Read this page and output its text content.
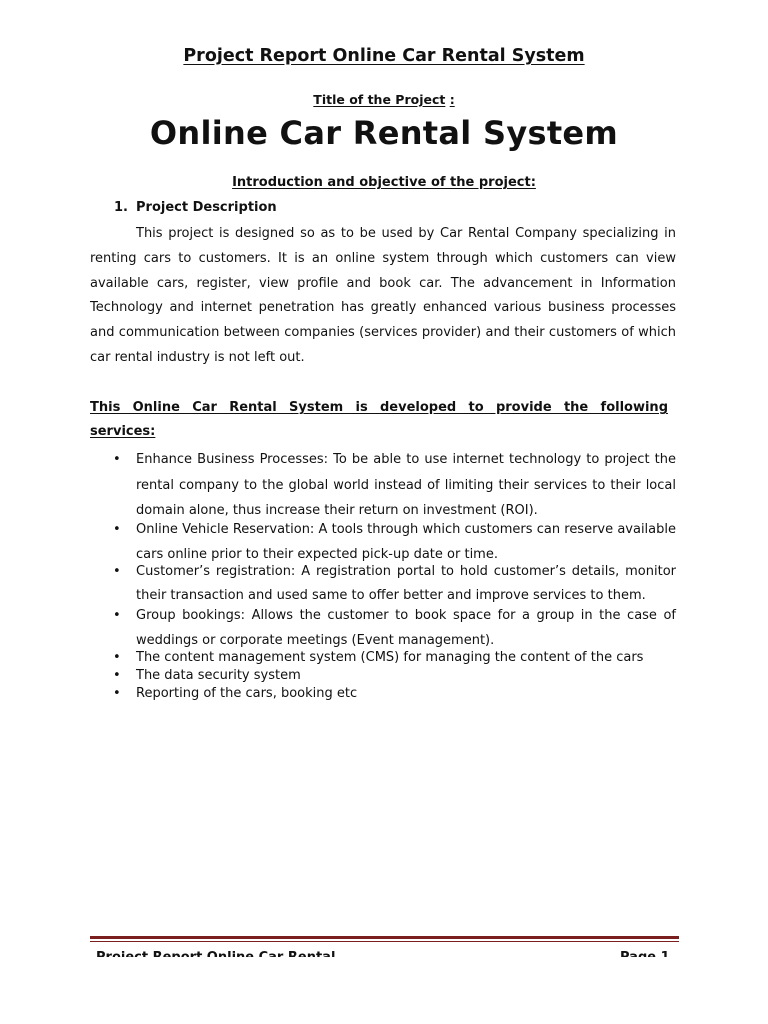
Project Report Online Car Rental System

Title of the Project :

Online Car Rental System
Introduction and objective of the project:
1. Project Description

This project is designed so as to be used by Car Rental Company specializing in renting cars to customers. It is an online system through which customers can view available cars, register, view profile and book car. The advancement in Information Technology and internet penetration has greatly enhanced various business processes and communication between companies (services provider) and their customers of which car rental industry is not left out.

This Online Car Rental System is developed to provide the following services:

•	Enhance Business Processes: To be able to use internet technology to project the rental company to the global world instead of limiting their services to their local domain alone, thus increase their return on investment (ROI).
•	Online Vehicle Reservation: A tools through which customers can reserve available cars online prior to their expected pick-up date or time.
•	Customer’s registration: A registration portal to hold customer’s details, monitor their transaction and used same to offer better and improve services to them.
•	Group bookings: Allows the customer to book space for a group in the case of weddings or corporate meetings (Event management).
•	The content management system (CMS) for managing the content of the cars
•	The data security system
•	Reporting of the cars, booking etc
